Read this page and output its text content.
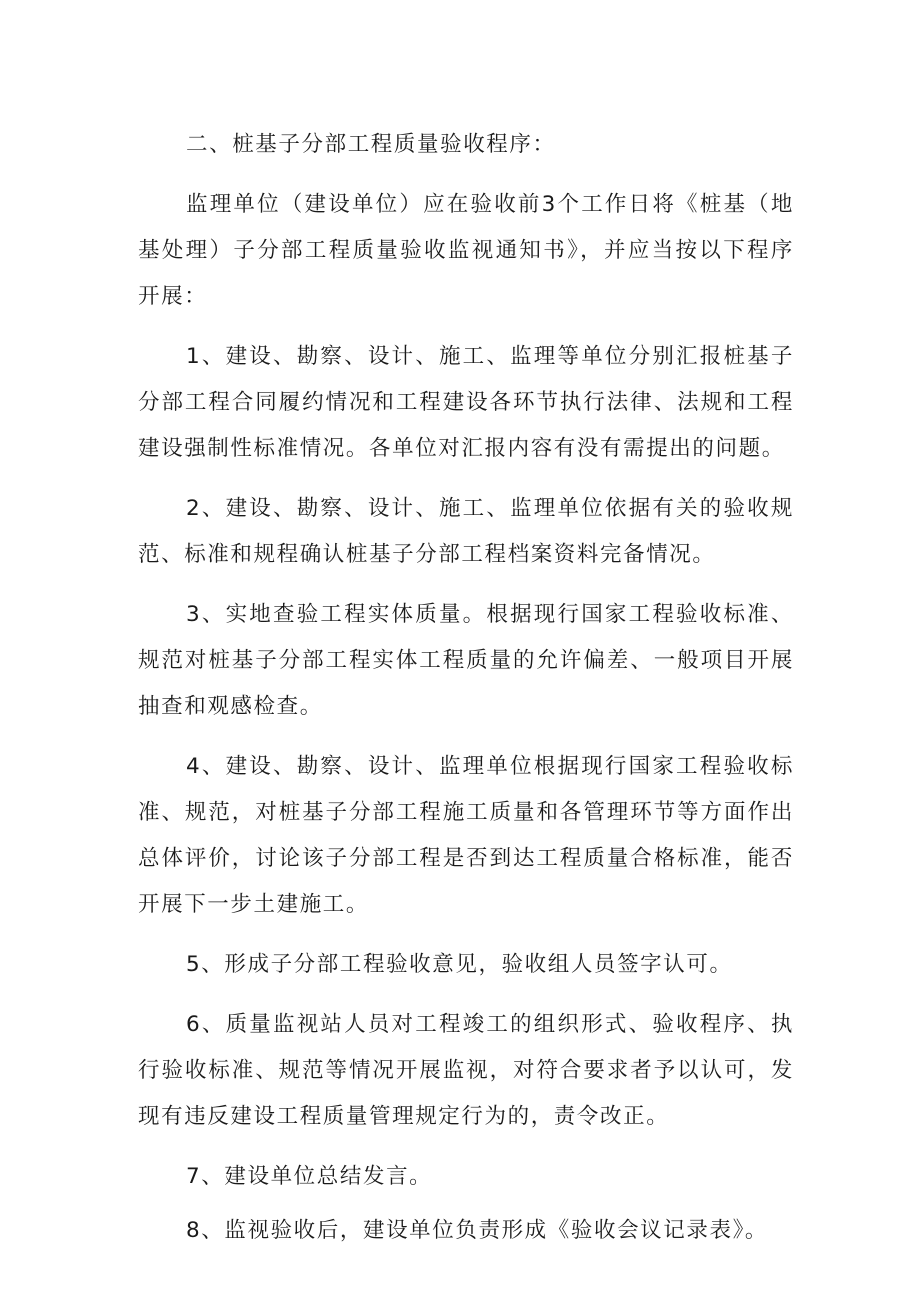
二、桩基子分部工程质量验收程序：

监理单位（建设单位）应在验收前3个工作日将《桩基（地基处理）子分部工程质量验收监视通知书》，并应当按以下程序开展：

1、建设、勘察、设计、施工、监理等单位分别汇报桩基子分部工程合同履约情况和工程建设各环节执行法律、法规和工程建设强制性标准情况。各单位对汇报内容有没有需提出的问题。

2、建设、勘察、设计、施工、监理单位依据有关的验收规范、标准和规程确认桩基子分部工程档案资料完备情况。

3、实地查验工程实体质量。根据现行国家工程验收标准、规范对桩基子分部工程实体工程质量的允许偏差、一般项目开展抽查和观感检查。

4、建设、勘察、设计、监理单位根据现行国家工程验收标准、规范，对桩基子分部工程施工质量和各管理环节等方面作出总体评价，讨论该子分部工程是否到达工程质量合格标准，能否开展下一步土建施工。

5、形成子分部工程验收意见，验收组人员签字认可。

6、质量监视站人员对工程竣工的组织形式、验收程序、执行验收标准、规范等情况开展监视，对符合要求者予以认可，发现有违反建设工程质量管理规定行为的，责令改正。

7、建设单位总结发言。

8、监视验收后，建设单位负责形成《验收会议记录表》。
